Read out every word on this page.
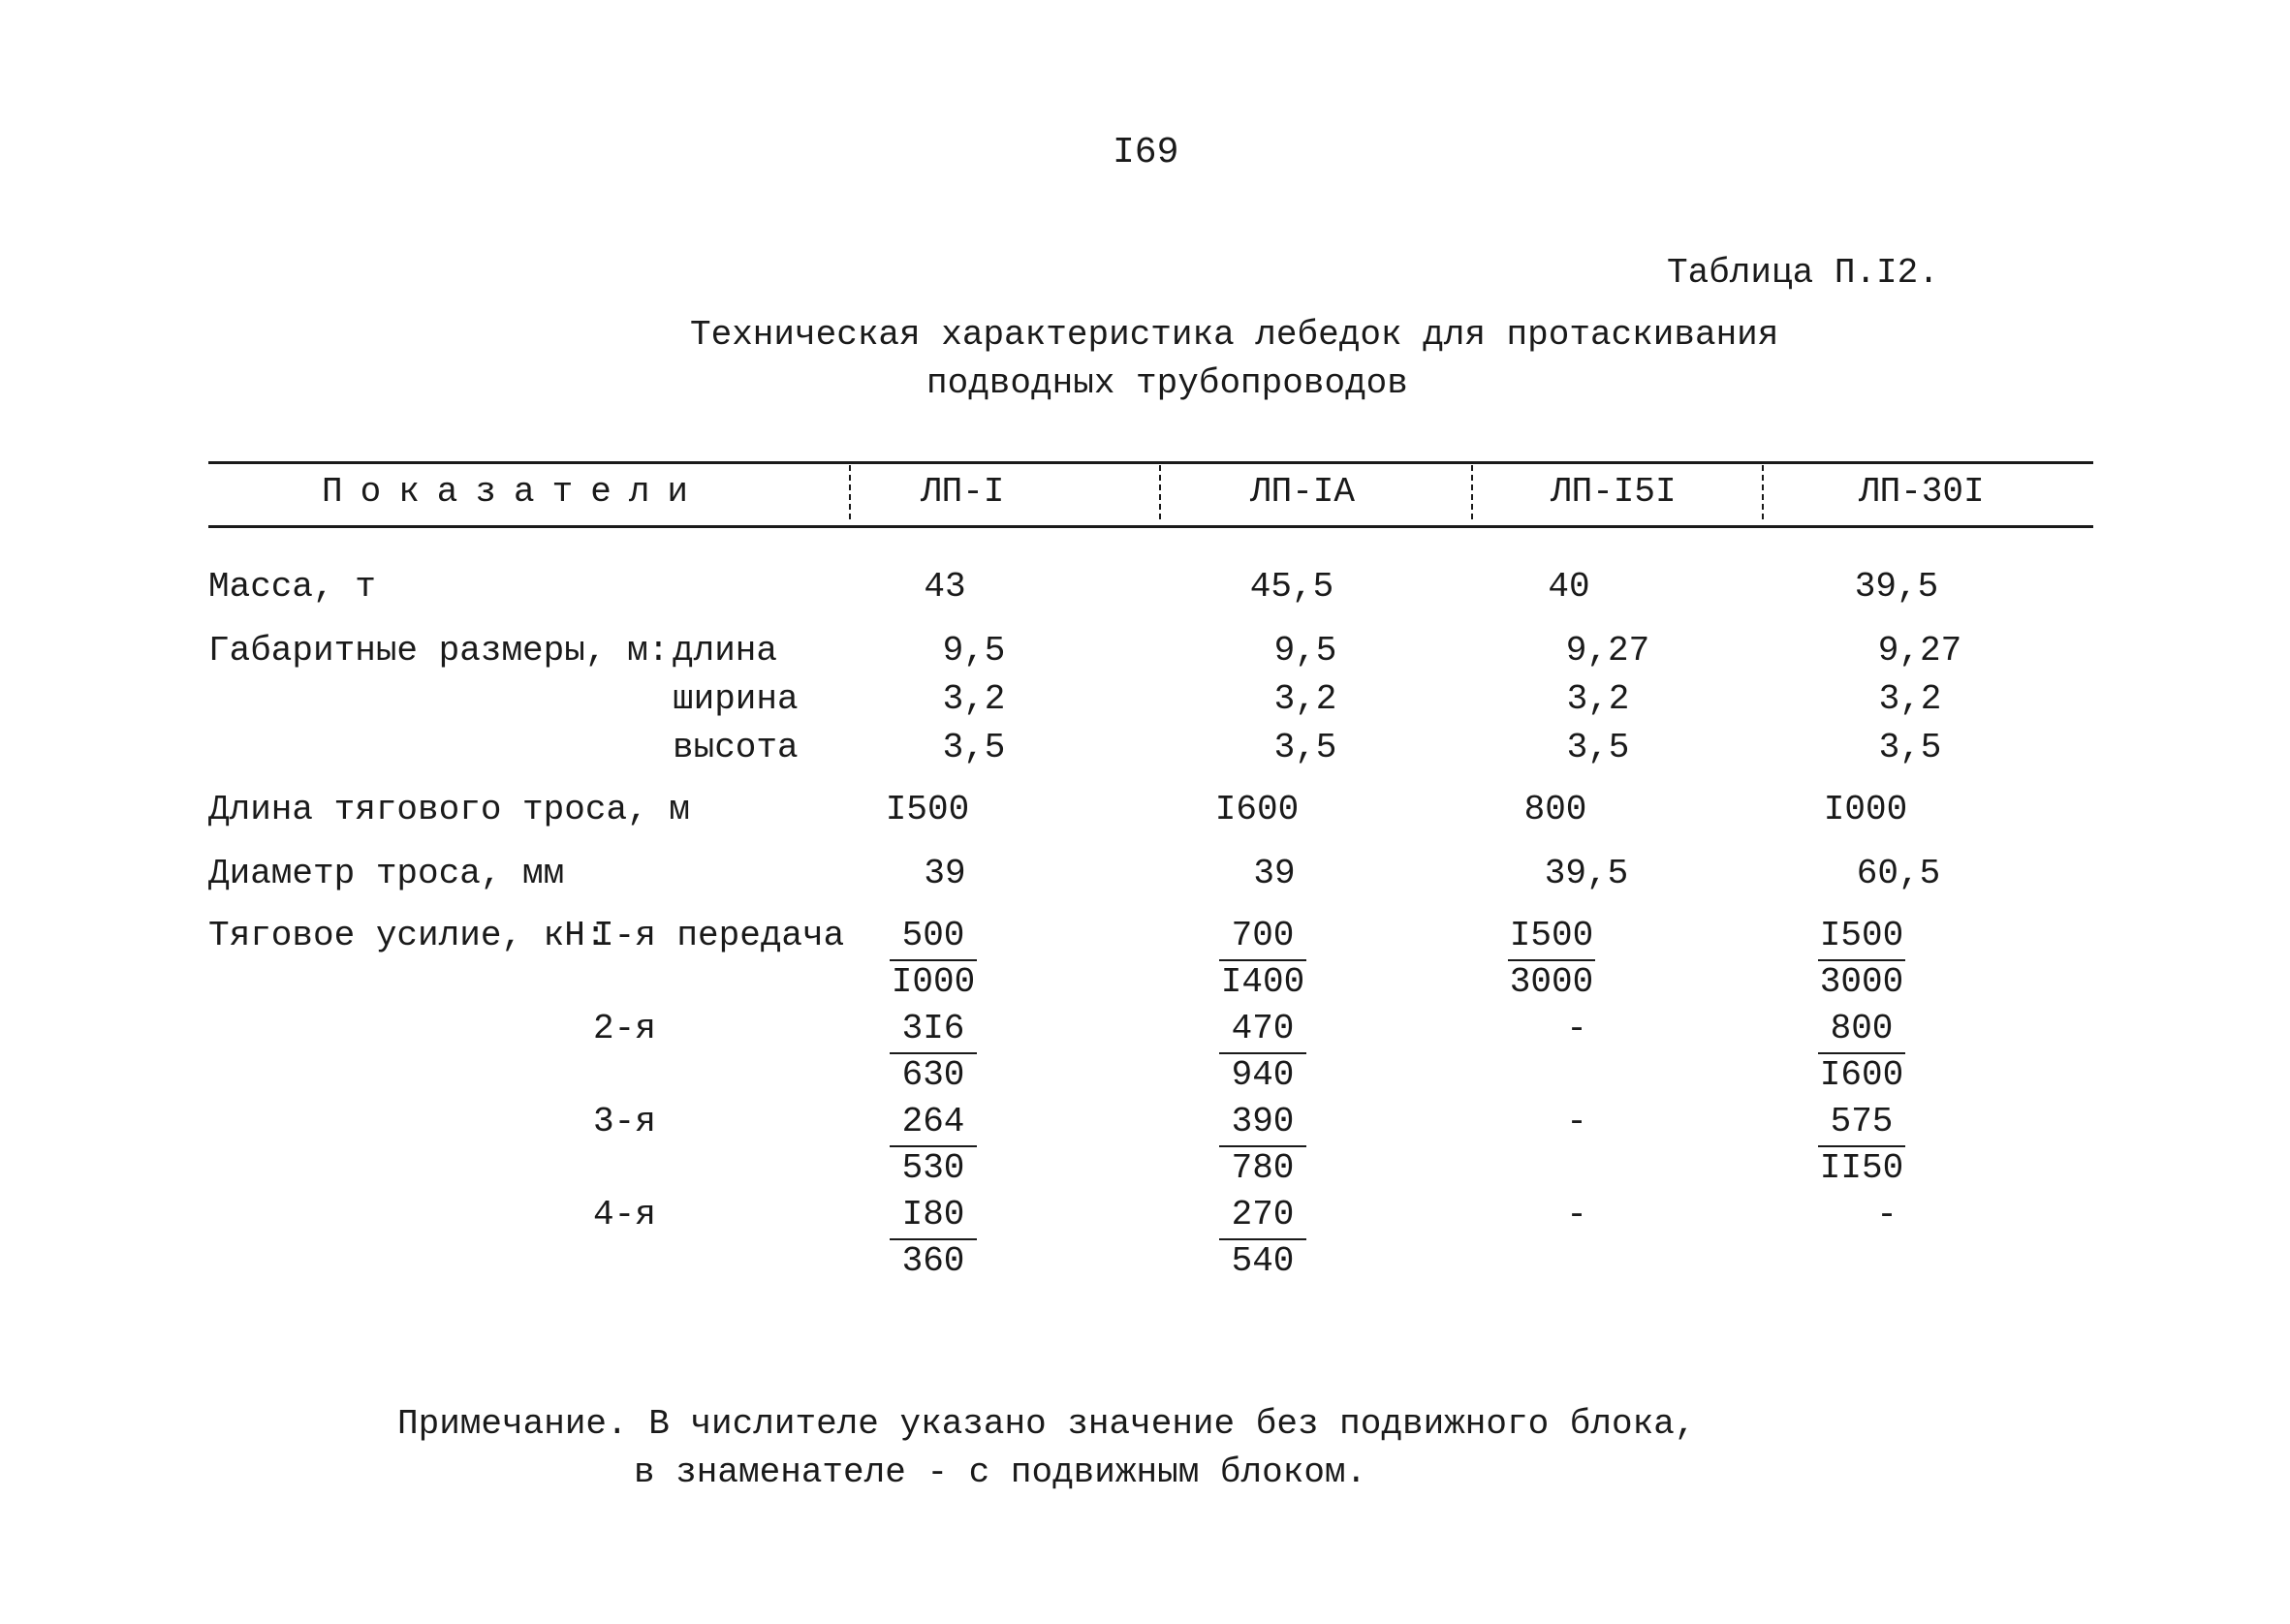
I69
Таблица П.I2.
Техническая характеристика лебедок для протаскивания
подводных трубопроводов
Показатели	ЛП-I	ЛП-IА	ЛП-I5I	ЛП-30I
Масса, т	43	45,5	40	39,5
Габаритные размеры, м: длина	9,5	9,5	9,27	9,27
ширина	3,2	3,2	3,2	3,2
высота	3,5	3,5	3,5	3,5
Длина тягового троса, м	I500	I600	800	I000
Диаметр троса, мм	39	39	39,5	60,5
Тяговое усилие, кН:
I-я передача $\frac{500}{I000}$	$\frac{700}{I400}$	$\frac{I500}{3000}$	$\frac{I500}{3000}$
2-я	$\frac{3I6}{630}$	$\frac{470}{940}$	-	$\frac{800}{I600}$
3-я	$\frac{264}{530}$	$\frac{390}{780}$	-	$\frac{575}{II50}$
4-я	$\frac{I80}{360}$	$\frac{270}{540}$	-	-
Примечание. В числителе указано значение без подвижного блока,
в знаменателе - с подвижным блоком.
